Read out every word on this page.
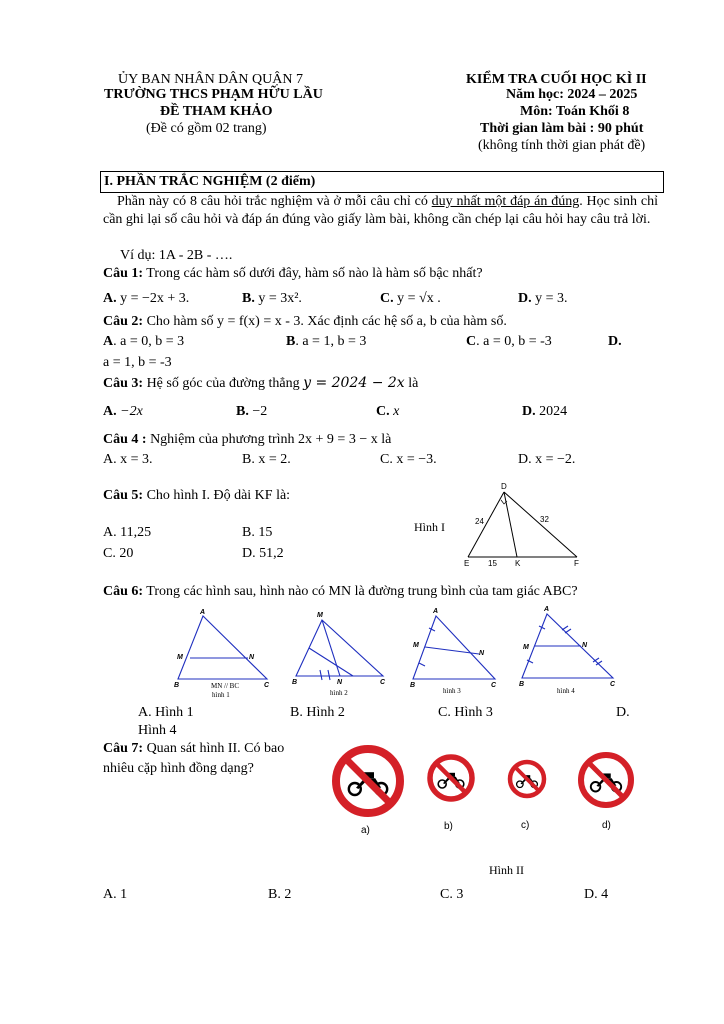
ỦY BAN NHÂN DÂN QUẬN 7
TRƯỜNG THCS PHẠM HỮU LẦU
ĐỀ THAM KHẢO
(Đề có gồm 02 trang)
KIỂM TRA CUỐI HỌC KÌ II
Năm học: 2024 – 2025
Môn: Toán Khối 8
Thời gian làm bài : 90 phút
(không tính thời gian phát đề)
I. PHẦN TRẮC NGHIỆM (2 điểm)
Phần này có 8 câu hỏi trắc nghiệm và ở mỗi câu chỉ có duy nhất một đáp án đúng. Học sinh chỉ cần ghi lại số câu hỏi và đáp án đúng vào giấy làm bài, không cần chép lại câu hỏi hay câu trả lời.
Ví dụ: 1A - 2B - ….
Câu 1: Trong các hàm số dưới đây, hàm số nào là hàm số bậc nhất?
A. y = −2x + 3.	B. y = 3x².	C. y = √x .	D. y = 3.
Câu 2: Cho hàm số y = f(x) = x - 3. Xác định các hệ số a, b của hàm số.
A. a = 0, b = 3	B. a = 1, b = 3	C. a = 0, b = -3	D.
a = 1, b = -3
Câu 3: Hệ số góc của đường thẳng y = 2024 − 2x là
A. −2x	B. −2	C. x	D. 2024
Câu 4 : Nghiệm của phương trình 2x + 9 = 3 − x là
A. x = 3.	B. x = 2.	C. x = −3.	D. x = −2.
Câu 5: Cho hình I. Độ dài KF là:
A. 11,25	B. 15
C. 20	D. 51,2
Hình I
D
E	K	F
24	32
15
Câu 6: Trong các hình sau, hình nào có MN là đường trung bình của tam giác ABC?
A
M	N
B	C
MN // BC
hình 1
M
B	N	C
hình 2
A
M
N
B	C
hình 3
A
M	N
B	C
hình 4
A. Hình 1	B. Hình 2	C. Hình 3	D.
Hình 4
Câu 7: Quan sát hình II. Có bao
nhiêu cặp hình đồng dạng?
a)	b)	c)	d)
Hình II
A. 1	B. 2	C. 3	D. 4
